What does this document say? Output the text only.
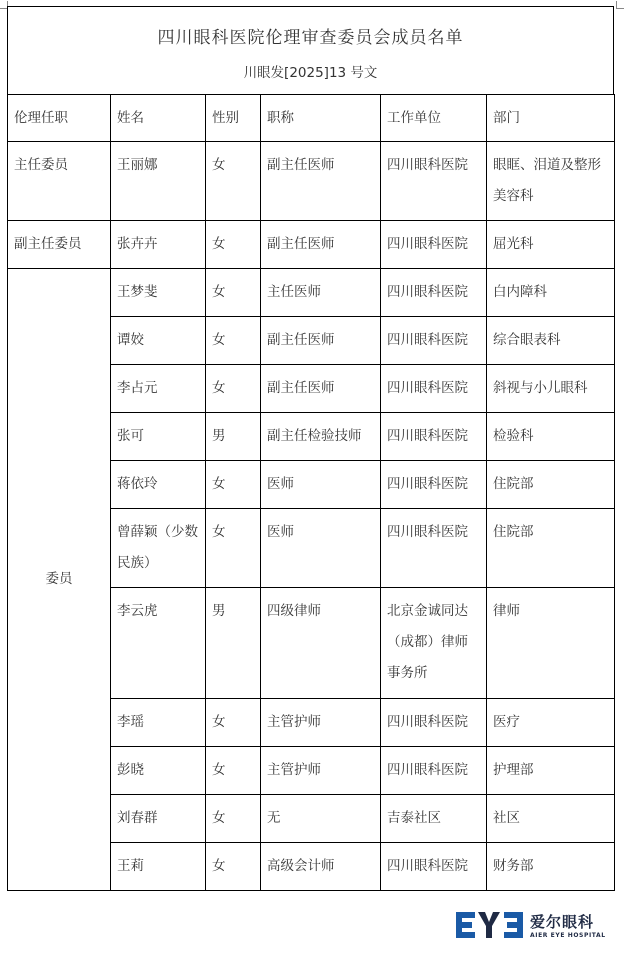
四川眼科医院伦理审查委员会成员名单
川眼发[2025]13 号文
伦理任职	姓名	性别	职称	工作单位	部门
主任委员	王丽娜	女	副主任医师	四川眼科医院	眼眶、泪道及整形美容科
副主任委员	张卉卉	女	副主任医师	四川眼科医院	屈光科
委员	王梦斐	女	主任医师	四川眼科医院	白内障科
	谭姣	女	副主任医师	四川眼科医院	综合眼表科
	李占元	女	副主任医师	四川眼科医院	斜视与小儿眼科
	张可	男	副主任检验技师	四川眼科医院	检验科
	蒋依玲	女	医师	四川眼科医院	住院部
	曾薛颖（少数民族）	女	医师	四川眼科医院	住院部
	李云虎	男	四级律师	北京金诚同达（成都）律师事务所	律师
	李瑶	女	主管护师	四川眼科医院	医疗
	彭晓	女	主管护师	四川眼科医院	护理部
	刘春群	女	无	吉泰社区	社区
	王莉	女	高级会计师	四川眼科医院	财务部
爱尔眼科
AIER EYE HOSPITAL
